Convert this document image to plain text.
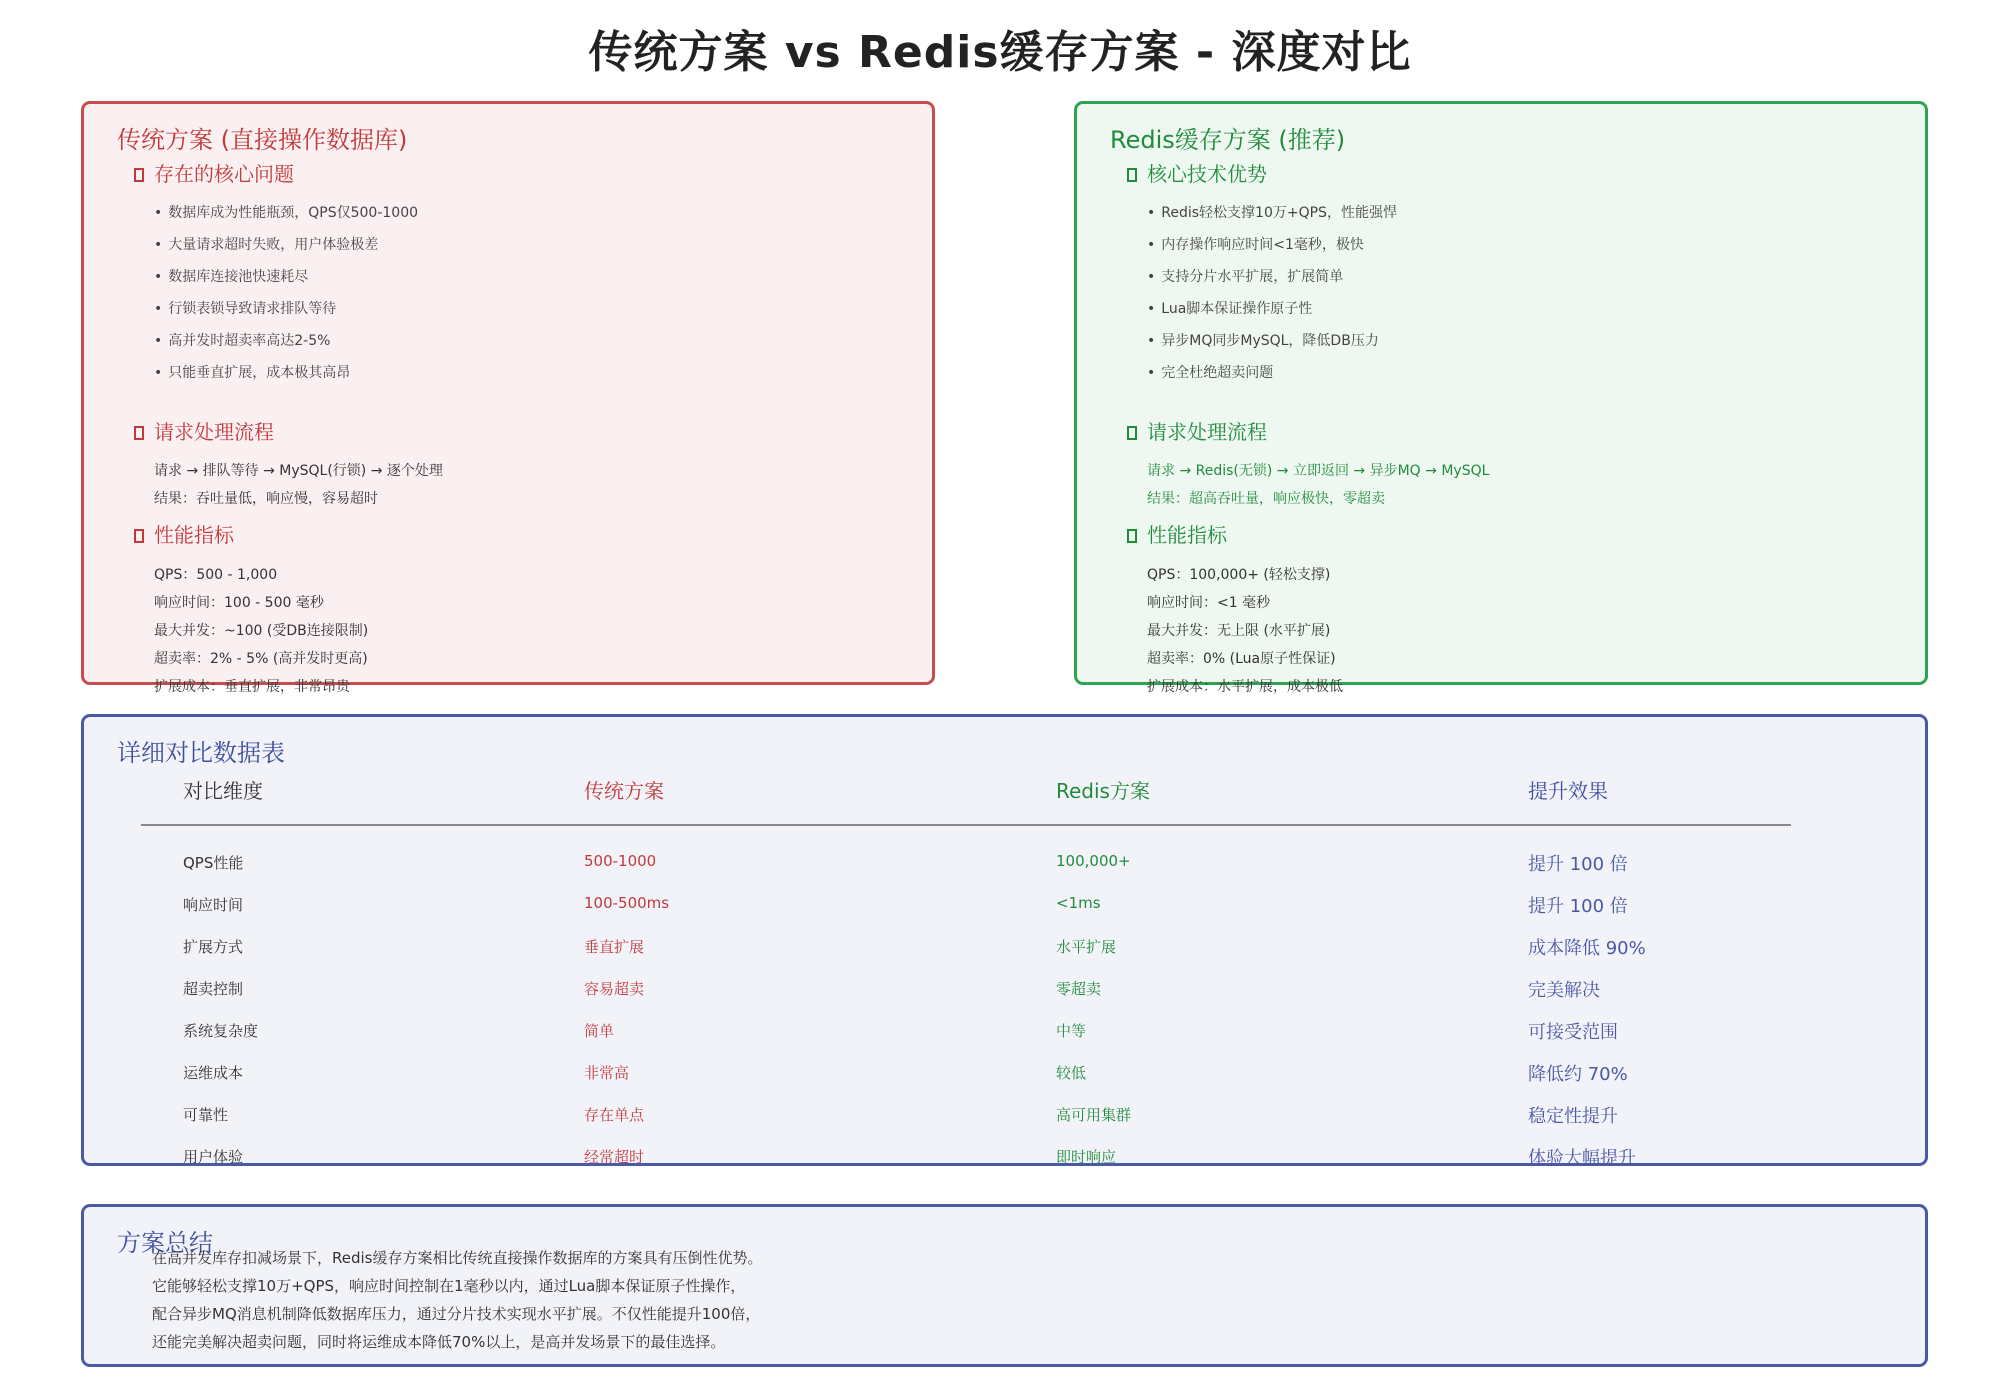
传统方案 vs Redis缓存方案 - 深度对比
传统方案 (直接操作数据库)
存在的核心问题
• 数据库成为性能瓶颈，QPS仅500-1000
• 大量请求超时失败，用户体验极差
• 数据库连接池快速耗尽
• 行锁表锁导致请求排队等待
• 高并发时超卖率高达2-5%
• 只能垂直扩展，成本极其高昂
请求处理流程
请求 → 排队等待 → MySQL(行锁) → 逐个处理
结果：吞吐量低，响应慢，容易超时
性能指标
QPS：500 - 1,000
响应时间：100 - 500 毫秒
最大并发：~100 (受DB连接限制)
超卖率：2% - 5% (高并发时更高)
扩展成本：垂直扩展，非常昂贵
Redis缓存方案 (推荐)
核心技术优势
• Redis轻松支撑10万+QPS，性能强悍
• 内存操作响应时间<1毫秒，极快
• 支持分片水平扩展，扩展简单
• Lua脚本保证操作原子性
• 异步MQ同步MySQL，降低DB压力
• 完全杜绝超卖问题
请求处理流程
请求 → Redis(无锁) → 立即返回 → 异步MQ → MySQL
结果：超高吞吐量，响应极快，零超卖
性能指标
QPS：100,000+ (轻松支撑)
响应时间：<1 毫秒
最大并发：无上限 (水平扩展)
超卖率：0% (Lua原子性保证)
扩展成本：水平扩展，成本极低
详细对比数据表
对比维度	传统方案	Redis方案	提升效果
QPS性能	500-1000	100,000+	提升 100 倍
响应时间	100-500ms	<1ms	提升 100 倍
扩展方式	垂直扩展	水平扩展	成本降低 90%
超卖控制	容易超卖	零超卖	完美解决
系统复杂度	简单	中等	可接受范围
运维成本	非常高	较低	降低约 70%
可靠性	存在单点	高可用集群	稳定性提升
用户体验	经常超时	即时响应	体验大幅提升
方案总结
在高并发库存扣减场景下，Redis缓存方案相比传统直接操作数据库的方案具有压倒性优势。
它能够轻松支撑10万+QPS，响应时间控制在1毫秒以内，通过Lua脚本保证原子性操作，
配合异步MQ消息机制降低数据库压力，通过分片技术实现水平扩展。不仅性能提升100倍，
还能完美解决超卖问题，同时将运维成本降低70%以上，是高并发场景下的最佳选择。
